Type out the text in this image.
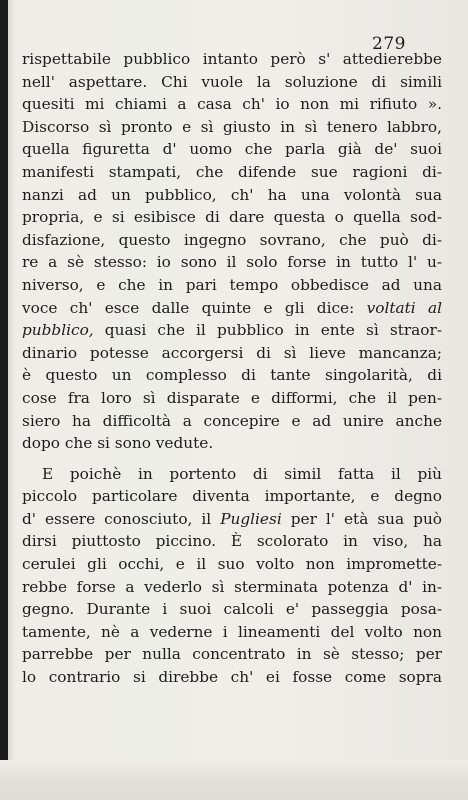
279
rispettabile pubblico intanto però s' attedierebbe
nell' aspettare. Chi vuole la soluzione di simili
quesiti mi chiami a casa ch' io non mi rifiuto ».
Discorso sì pronto e sì giusto in sì tenero labbro,
quella figuretta d' uomo che parla già de' suoi
manifesti stampati, che difende sue ragioni di-
nanzi ad un pubblico, ch' ha una volontà sua
propria, e si esibisce di dare questa o quella sod-
disfazione, questo ingegno sovrano, che può di-
re a sè stesso: io sono il solo forse in tutto l' u-
niverso, e che in pari tempo obbedisce ad una
voce ch' esce dalle quinte e gli dice: voltati al
pubblico, quasi che il pubblico in ente sì straor-
dinario potesse accorgersi di sì lieve mancanza;
è questo un complesso di tante singolarità, di
cose fra loro sì disparate e difformi, che il pen-
siero ha difficoltà a concepire e ad unire anche
dopo che si sono vedute.
E poichè in portento di simil fatta il più
piccolo particolare diventa importante, e degno
d' essere conosciuto, il Pugliesi per l' età sua può
dirsi piuttosto piccino. È scolorato in viso, ha
cerulei gli occhi, e il suo volto non impromette-
rebbe forse a vederlo sì sterminata potenza d' in-
gegno. Durante i suoi calcoli e' passeggia posa-
tamente, nè a vederne i lineamenti del volto non
parrebbe per nulla concentrato in sè stesso; per
lo contrario si direbbe ch' ei fosse come sopra
